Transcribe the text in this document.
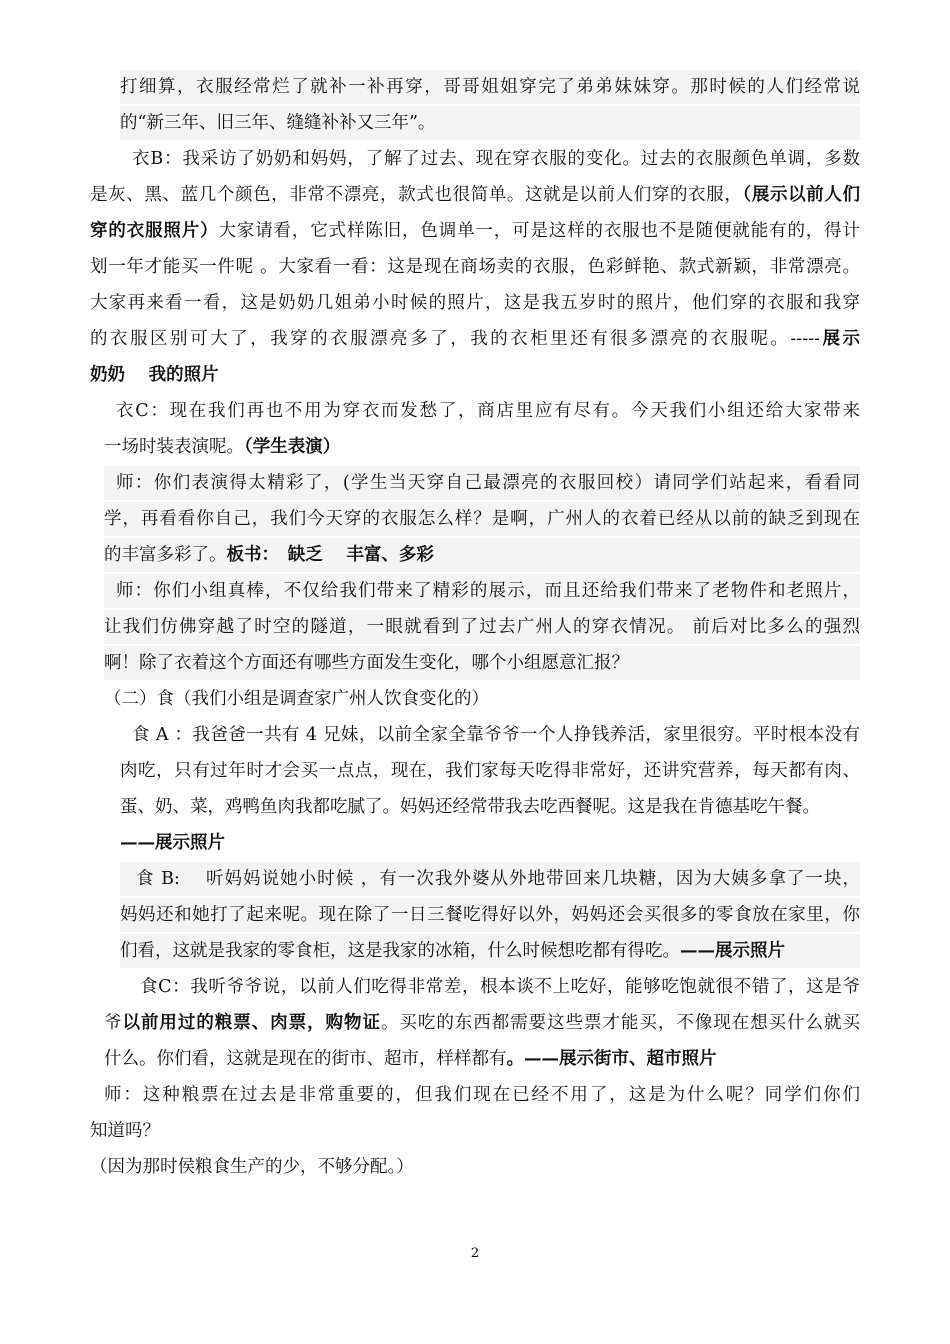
打细算，衣服经常烂了就补一补再穿，哥哥姐姐穿完了弟弟妹妹穿。那时候的人们经常说
的“新三年、旧三年、缝缝补补又三年”。
衣B：我采访了奶奶和妈妈，了解了过去、现在穿衣服的变化。过去的衣服颜色单调，多数
是灰、黑、蓝几个颜色，非常不漂亮，款式也很简单。这就是以前人们穿的衣服，（展示以前人们
穿的衣服照片）大家请看，它式样陈旧，色调单一，可是这样的衣服也不是随便就能有的，得计
划一年才能买一件呢 。大家看一看：这是现在商场卖的衣服，色彩鲜艳、款式新颖，非常漂亮。
大家再来看一看，这是奶奶几姐弟小时候的照片，这是我五岁时的照片，他们穿的衣服和我穿
的衣服区别可大了，我穿的衣服漂亮多了，我的衣柜里还有很多漂亮的衣服呢。-----展示
奶奶　 我的照片
衣C：现在我们再也不用为穿衣而发愁了，商店里应有尽有。今天我们小组还给大家带来
一场时装表演呢。（学生表演）
师：你们表演得太精彩了，(学生当天穿自己最漂亮的衣服回校）请同学们站起来，看看同
学，再看看你自己，我们今天穿的衣服怎么样？是啊，广州人的衣着已经从以前的缺乏到现在
的丰富多彩了。板书：　缺乏　 丰富、多彩
师：你们小组真棒，不仅给我们带来了精彩的展示，而且还给我们带来了老物件和老照片，
让我们仿佛穿越了时空的隧道，一眼就看到了过去广州人的穿衣情况。 前后对比多么的强烈
啊！除了衣着这个方面还有哪些方面发生变化，哪个小组愿意汇报？
（二）食（我们小组是调查家广州人饮食变化的）
食 A ：我爸爸一共有 4 兄妹，以前全家全靠爷爷一个人挣钱养活，家里很穷。平时根本没有
肉吃，只有过年时才会买一点点，现在，我们家每天吃得非常好，还讲究营养，每天都有肉、
蛋、奶、菜，鸡鸭鱼肉我都吃腻了。妈妈还经常带我去吃西餐呢。这是我在肯德基吃午餐。
——展示照片
食 B:　 听妈妈说她小时候 ，有一次我外婆从外地带回来几块糖，因为大姨多拿了一块，
妈妈还和她打了起来呢。现在除了一日三餐吃得好以外，妈妈还会买很多的零食放在家里，你
们看，这就是我家的零食柜，这是我家的冰箱，什么时候想吃都有得吃。——展示照片
食C：我听爷爷说，以前人们吃得非常差，根本谈不上吃好，能够吃饱就很不错了，这是爷
爷以前用过的粮票、肉票，购物证。买吃的东西都需要这些票才能买，不像现在想买什么就买
什么。你们看，这就是现在的街市、超市，样样都有。——展示街市、超市照片
师：这种粮票在过去是非常重要的，但我们现在已经不用了，这是为什么呢？同学们你们
知道吗？
（因为那时侯粮食生产的少，不够分配。）
2
